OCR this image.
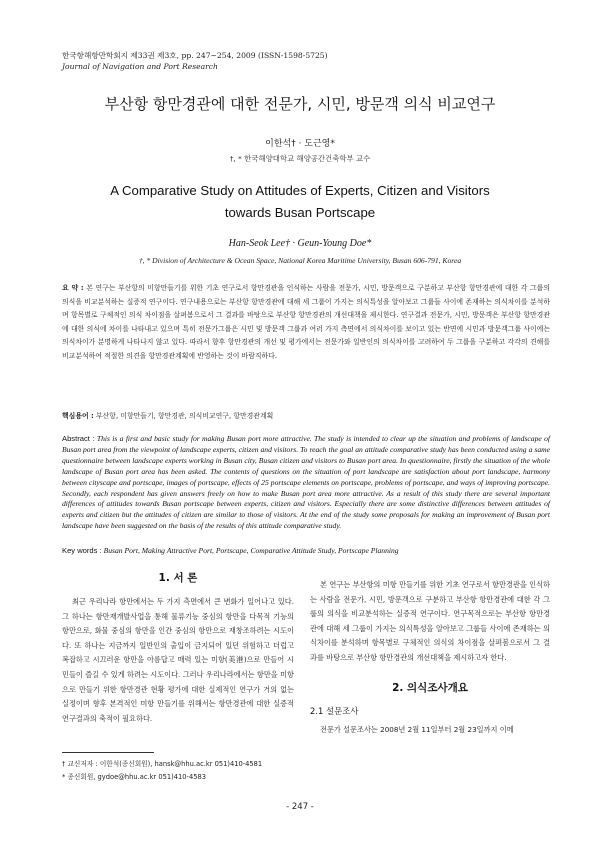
한국항해항만학회지 제33권 제3호, pp. 247~254, 2009 (ISSN-1598-5725)
Journal of Navigation and Port Research
부산항 항만경관에 대한 전문가, 시민, 방문객 의식 비교연구
이한석† · 도근영*
†, * 한국해양대학교 해양공간건축학부 교수
A Comparative Study on Attitudes of Experts, Citizen and Visitors
towards Busan Portscape
Han-Seok Lee† · Geun-Young Doe*
†, * Division of Architecture & Ocean Space, National Korea Maritime University, Busan 606-791, Korea
요 약 : 본 연구는 부산항의 미항만들기를 위한 기초 연구로서 항만경관을 인식하는 사람을 전문가, 시민, 방문객으로 구분하고 부산항 항만경관에 대한 각 그룹의 의식을 비교분석하는 실증적 연구이다. 연구내용으로는 부산항 항만경관에 대해 세 그룹이 가지는 의식특성을 알아보고 그룹들 사이에 존재하는 의식차이를 분석하며 항목별로 구체적인 의식 차이점을 살펴봄으로서 그 결과를 바탕으로 부산항 항만경관의 개선대책을 제시한다. 연구결과 전문가, 시민, 방문객은 부산항 항만경관에 대한 의식에 차이를 나타내고 있으며 특히 전문가그룹은 시민 및 방문객 그룹과 여러 가지 측면에서 의식차이를 보이고 있는 반면에 시민과 방문객그룹 사이에는 의식차이가 분명하게 나타나지 않고 있다. 따라서 향후 항만경관의 개선 및 평가에서는 전문가와 일반인의 의식차이를 고려하여 두 그룹을 구분하고 각각의 견해를 비교분석하여 적절한 의견을 항만경관계획에 반영하는 것이 바람직하다.
핵심용어 : 부산항, 미항만들기, 항만경관, 의식비교연구, 항만경관계획
Abstract : This is a first and basic study for making Busan port more attractive. The study is intended to clear up the situation and problems of landscape of Busan port area from the viewpoint of landscape experts, citizen and visitors. To reach the goal an attitude comparative study has been conducted using a same questionnaire between landscape experts working in Busan city, Busan citizen and visitors to Busan port area. In questionnaire, firstly the situation of the whole landscape of Busan port area has been asked. The contents of questions on the situation of port landscape are satisfaction about port landscape, harmony between cityscape and portscape, images of portscape, effects of 25 portscape elements on portscape, problems of portscape, and ways of improving portscape. Secondly, each respondent has given answers freely on how to make Busan port area more attractive. As a result of this study there are several important differences of attitudes towards Busan portscape between experts, citizen and visitors. Especially there are some distinctive differences between attitudes of experts and citizen but the attitudes of citizen are similar to those of visitors. At the end of the study some proposals for making an improvement of Busan port landscape have been suggested on the basis of the results of this attitude comparative study.
Key words : Busan Port, Making Attractive Port, Portscape, Comparative Attitude Study, Portscape Planning
1. 서 론

최근 우리나라 항만에서는 두 가지 측면에서 큰 변화가 일어나고 있다. 그 하나는 항만재개발사업을 통해 물류기능 중심의 항만을 다목적 기능의 항만으로, 화물 중심의 항만을 인간 중심의 항만으로 재창조하려는 시도이다. 또 하나는 지금까지 일반인의 출입이 금지되어 있던 위험하고 더럽고 복잡하고 시끄러운 항만을 아름답고 매력 있는 미항(美港)으로 만들어 시민들이 즐길 수 있게 하려는 시도이다. 그러나 우리나라에서는 항만을 미항으로 만들기 위한 항만경관 현황 평가에 대한 실제적인 연구가 거의 없는 실정이며 향후 본격적인 미항 만들기를 위해서는 항만경관에 대한 실증적 연구결과의 축적이 필요하다.

본 연구는 부산항의 미항 만들기를 위한 기초 연구로서 항만경관을 인식하는 사람을 전문가, 시민, 방문객으로 구분하고 부산항 항만경관에 대한 각 그룹의 의식을 비교분석하는 실증적 연구이다. 연구목적으로는 부산항 항만경관에 대해 세 그룹이 가지는 의식특성을 알아보고 그룹들 사이에 존재하는 의식차이를 분석하며 항목별로 구체적인 의식의 차이점을 살펴봄으로서 그 결과를 바탕으로 부산항 항만경관의 개선대책을 제시하고자 한다.

2. 의식조사개요
2.1 설문조사

전문가 설문조사는 2008년 2월 11일부터 2월 23일까지 이메

† 교신저자 : 이한석(종신회원), hansk@hhu.ac.kr 051)410-4581
* 종신회원, gydoe@hhu.ac.kr 051)410-4583
- 247 -
